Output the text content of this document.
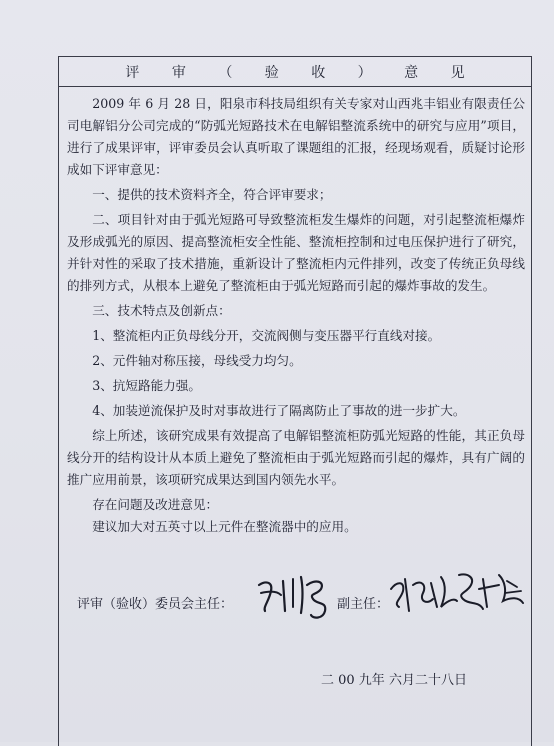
评 审 （ 验 收 ） 意 见

2009 年 6 月 28 日，阳泉市科技局组织有关专家对山西兆丰铝业有限责任公司电解铝分公司完成的“防弧光短路技术在电解铝整流系统中的研究与应用”项目，进行了成果评审，评审委员会认真听取了课题组的汇报，经现场观看，质疑讨论形成如下评审意见：

一、提供的技术资料齐全，符合评审要求；

二、项目针对由于弧光短路可导致整流柜发生爆炸的问题，对引起整流柜爆炸及形成弧光的原因、提高整流柜安全性能、整流柜控制和过电压保护进行了研究，并针对性的采取了技术措施，重新设计了整流柜内元件排列，改变了传统正负母线的排列方式，从根本上避免了整流柜由于弧光短路而引起的爆炸事故的发生。

三、技术特点及创新点：

1、整流柜内正负母线分开，交流阀侧与变压器平行直线对接。

2、元件轴对称压接，母线受力均匀。

3、抗短路能力强。

4、加装逆流保护及时对事故进行了隔离防止了事故的进一步扩大。

综上所述，该研究成果有效提高了电解铝整流柜防弧光短路的性能，其正负母线分开的结构设计从本质上避免了整流柜由于弧光短路而引起的爆炸，具有广阔的推广应用前景，该项研究成果达到国内领先水平。

存在问题及改进意见：

建议加大对五英寸以上元件在整流器中的应用。

评审（验收）委员会主任：	副主任：
二 00 九年 六月二十八日
